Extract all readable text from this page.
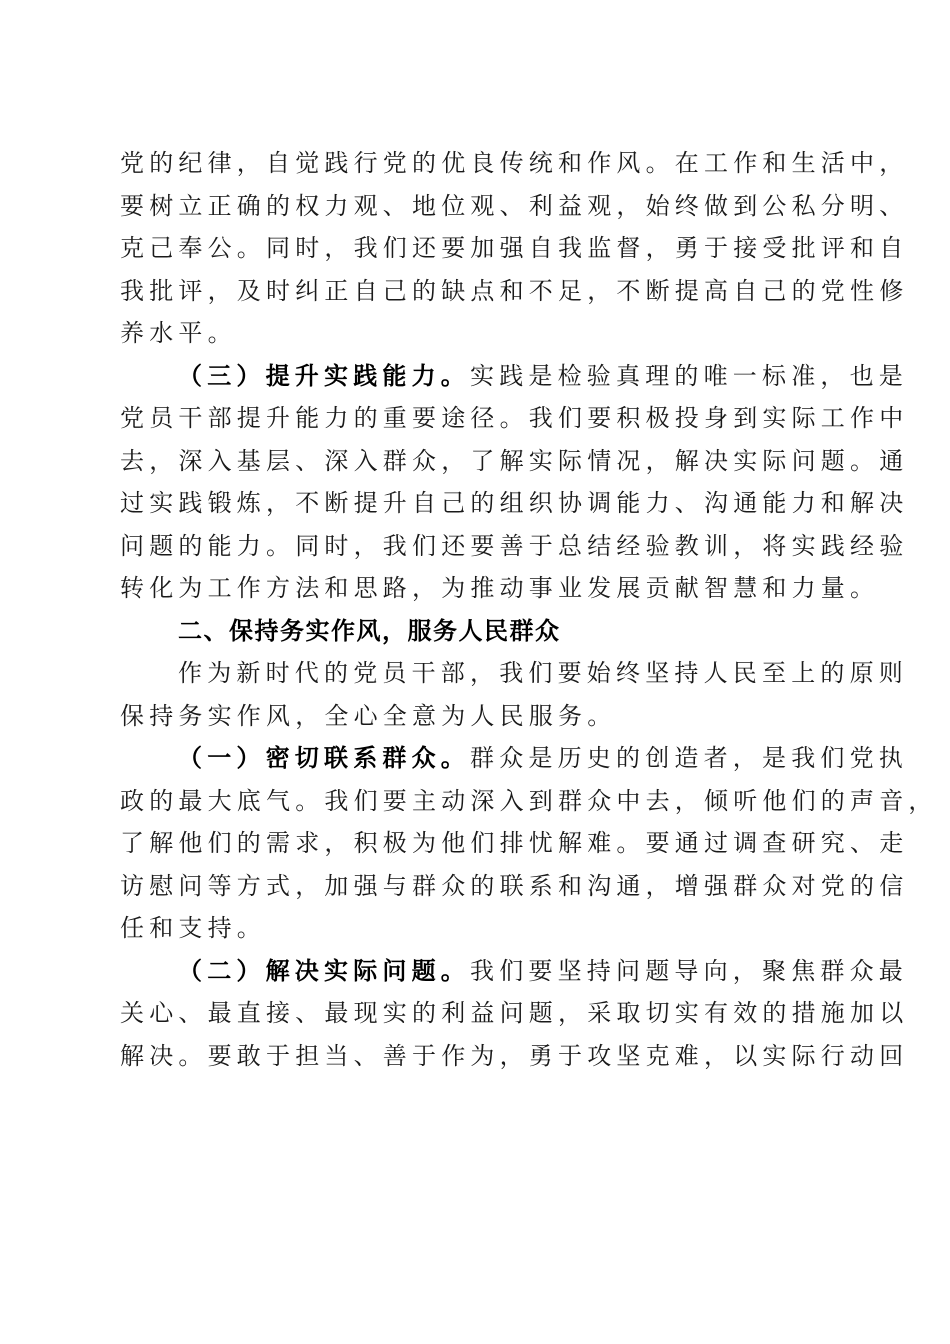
党的纪律，自觉践行党的优良传统和作风。在工作和生活中，
要树立正确的权力观、地位观、利益观，始终做到公私分明、
克己奉公。同时，我们还要加强自我监督，勇于接受批评和自
我批评，及时纠正自己的缺点和不足，不断提高自己的党性修
养水平。
（三）提升实践能力。实践是检验真理的唯一标准，也是
党员干部提升能力的重要途径。我们要积极投身到实际工作中
去，深入基层、深入群众，了解实际情况，解决实际问题。通
过实践锻炼，不断提升自己的组织协调能力、沟通能力和解决
问题的能力。同时，我们还要善于总结经验教训，将实践经验
转化为工作方法和思路，为推动事业发展贡献智慧和力量。
二、保持务实作风，服务人民群众
作为新时代的党员干部，我们要始终坚持人民至上的原则
保持务实作风，全心全意为人民服务。
（一）密切联系群众。群众是历史的创造者，是我们党执
政的最大底气。我们要主动深入到群众中去，倾听他们的声音，
了解他们的需求，积极为他们排忧解难。要通过调查研究、走
访慰问等方式，加强与群众的联系和沟通，增强群众对党的信
任和支持。
（二）解决实际问题。我们要坚持问题导向，聚焦群众最
关心、最直接、最现实的利益问题，采取切实有效的措施加以
解决。要敢于担当、善于作为，勇于攻坚克难，以实际行动回
